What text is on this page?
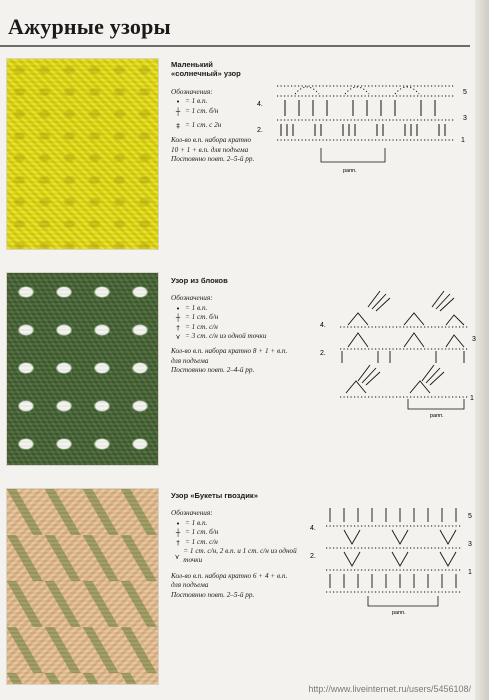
Ажурные узоры
Маленький
«солнечный» узор
Обозначения:
• = 1 в.п.
┼ = 1 ст. б/н
‡ = 1 ст. с 2н
Кол-во в.п. набора кратно
10 + 1 + в.п. для подъема
Постоянно повт. 2–5-й рр.
4.
2.
5
3
1
рапп.
Узор из блоков
Обозначения:
• = 1 в.п.
┼ = 1 ст. б/н
† = 1 ст. с/н
⋎ = 3 ст. с/н из одной точки
Кол-во в.п. набора кратно 8 + 1 + в.п.
для подъема
Постоянно повт. 2–4-й рр.
4.
2.
3
1
рапп.
Узор «Букеты гвоздик»
Обозначения:
• = 1 в.п.
┼ = 1 ст. б/н
† = 1 ст. с/н
⋎
= 1 ст. с/н, 2 в.п. и 1 ст. с/н из одной точки
Кол-во в.п. набора кратно 6 + 4 + в.п.
для подъема
Постоянно повт. 2–5-й рр.
4.
2.
5
3
1
рапп.
http://www.liveinternet.ru/users/5456108/
